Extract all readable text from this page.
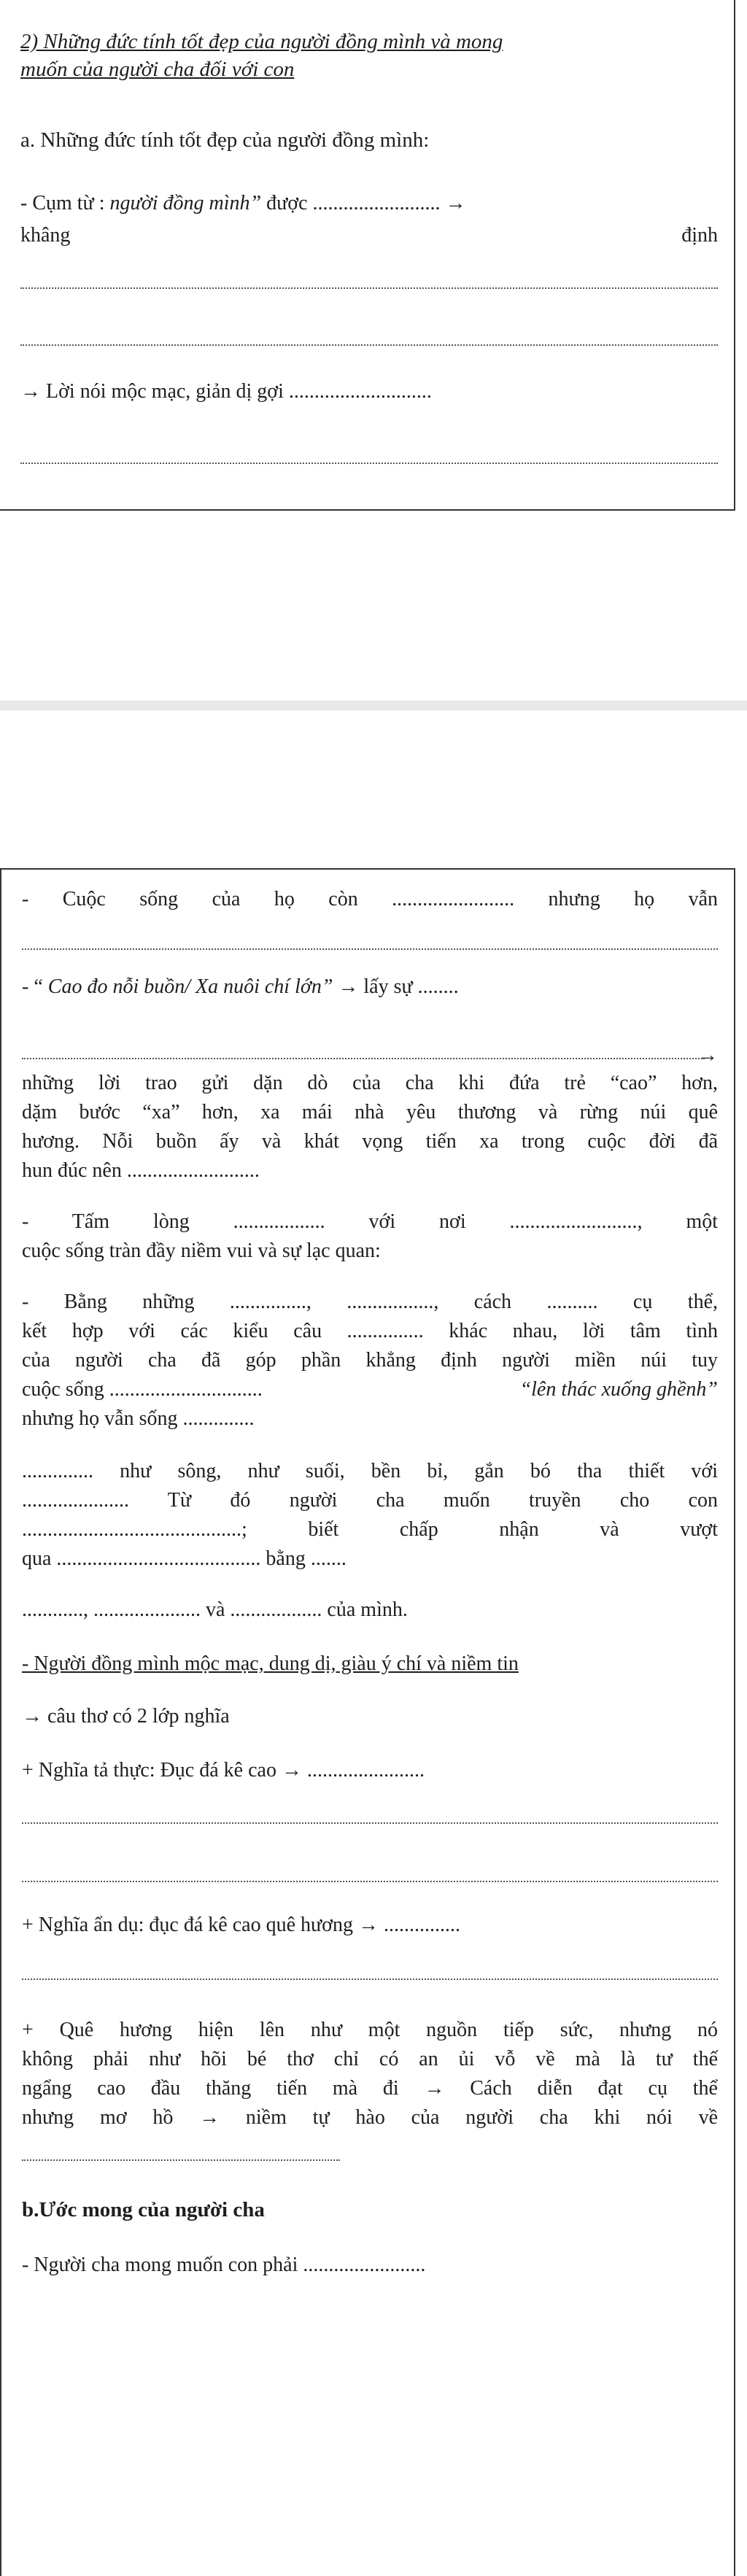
2) Những đức tính tốt đẹp của người đồng mình và mong
muốn của người cha đối với con
a. Những đức tính tốt đẹp của người đồng mình:
- Cụm từ : người đồng mình” được ......................... →
khâng	định
→ Lời nói mộc mạc, giản dị gợi ............................
- Cuộc sống của họ còn ........................ nhưng họ vẫn
- “ Cao đo nỗi buồn/ Xa nuôi chí lớn” → lấy sự ........
→
những lời trao gửi dặn dò của cha khi đứa trẻ “cao” hơn,
dặm bước “xa” hơn, xa mái nhà yêu thương và rừng núi quê
hương. Nỗi buồn ấy và khát vọng tiến xa trong cuộc đời đã
hun đúc nên ..........................
- Tấm lòng .................. với nơi ........................., một
cuộc sống tràn đầy niềm vui và sự lạc quan:
- Bằng những ..............., ................., cách .......... cụ thể,
kết hợp với các kiểu câu ............... khác nhau, lời tâm tình
của người cha đã góp phần khẳng định người miền núi tuy
cuộc sống ..............................	“lên thác xuống ghềnh”
nhưng họ vẫn sống ..............
.............. như sông, như suối, bền bỉ, gắn bó tha thiết với
..................... Từ đó người cha muốn truyền cho con
...........................................; biết chấp nhận và vượt
qua ........................................ bằng .......
............, ..................... và .................. của mình.
- Người đồng mình mộc mạc, dung dị, giàu ý chí và niềm tin
→ câu thơ có 2 lớp nghĩa
+ Nghĩa tả thực: Đục đá kê cao → .......................
+ Nghĩa ẩn dụ: đục đá kê cao quê hương → ...............
+ Quê hương hiện lên như một nguồn tiếp sức, nhưng nó
không phải như hõi bé thơ chỉ có an ủi vỗ về mà là tư thế
ngẩng cao đầu thăng tiến mà đi → Cách diễn đạt cụ thể
nhưng mơ hồ → niềm tự hào của người cha khi nói về
b.Ước mong của người cha
- Người cha mong muốn con phải ........................
